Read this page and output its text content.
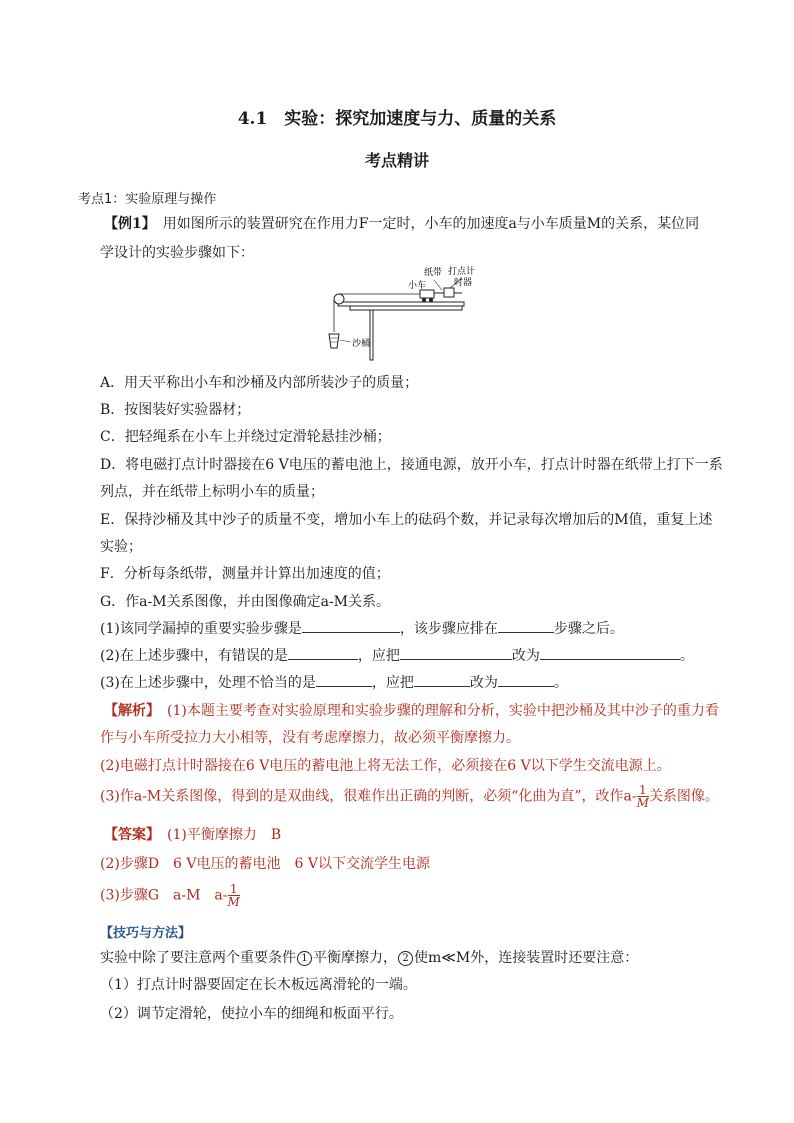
4.1　实验：探究加速度与力、质量的关系
考点精讲
考点1：实验原理与操作
【例1】　 用如图所示的装置研究在作用力F一定时，小车的加速度a与小车质量M的关系，某位同
学设计的实验步骤如下：
纸带 打点计
时器
小车
沙桶
A．用天平称出小车和沙桶及内部所装沙子的质量；
B．按图装好实验器材；
C．把轻绳系在小车上并绕过定滑轮悬挂沙桶；
D．将电磁打点计时器接在6 V电压的蓄电池上，接通电源，放开小车，打点计时器在纸带上打下一系
列点，并在纸带上标明小车的质量；
E．保持沙桶及其中沙子的质量不变，增加小车上的砝码个数，并记录每次增加后的M值，重复上述
实验；
F．分析每条纸带，测量并计算出加速度的值；
G．作a-M关系图像，并由图像确定a-M关系。
(1)该同学漏掉的重要实验步骤是	，该步骤应排在	步骤之后。
(2)在上述步骤中，有错误的是	，应把	改为	。
(3)在上述步骤中，处理不恰当的是	，应把	改为	。
【解析】　 (1)本题主要考查对实验原理和实验步骤的理解和分析，实验中把沙桶及其中沙子的重力看
作与小车所受拉力大小相等，没有考虑摩擦力，故必须平衡摩擦力。
(2)电磁打点计时器接在6 V电压的蓄电池上将无法工作，必须接在6 V以下学生交流电源上。
(3)作a-M关系图像，得到的是双曲线，很难作出正确的判断，必须“化曲为直”，改作$a- \frac{1}{M}$ 关系图像。
【答案】　 (1)平衡摩擦力　B
(2)步骤D　6 V电压的蓄电池　6 V以下交流学生电源
(3)步骤G　a-M　$a- \frac{1}{M}$
【技巧与方法】
实验中除了要注意两个重要条件 1 平衡摩擦力， 2 使m≪M外，连接装置时还要注意：
（1）打点计时器要固定在长木板远离滑轮的一端。
（2）调节定滑轮，使拉小车的细绳和板面平行。
